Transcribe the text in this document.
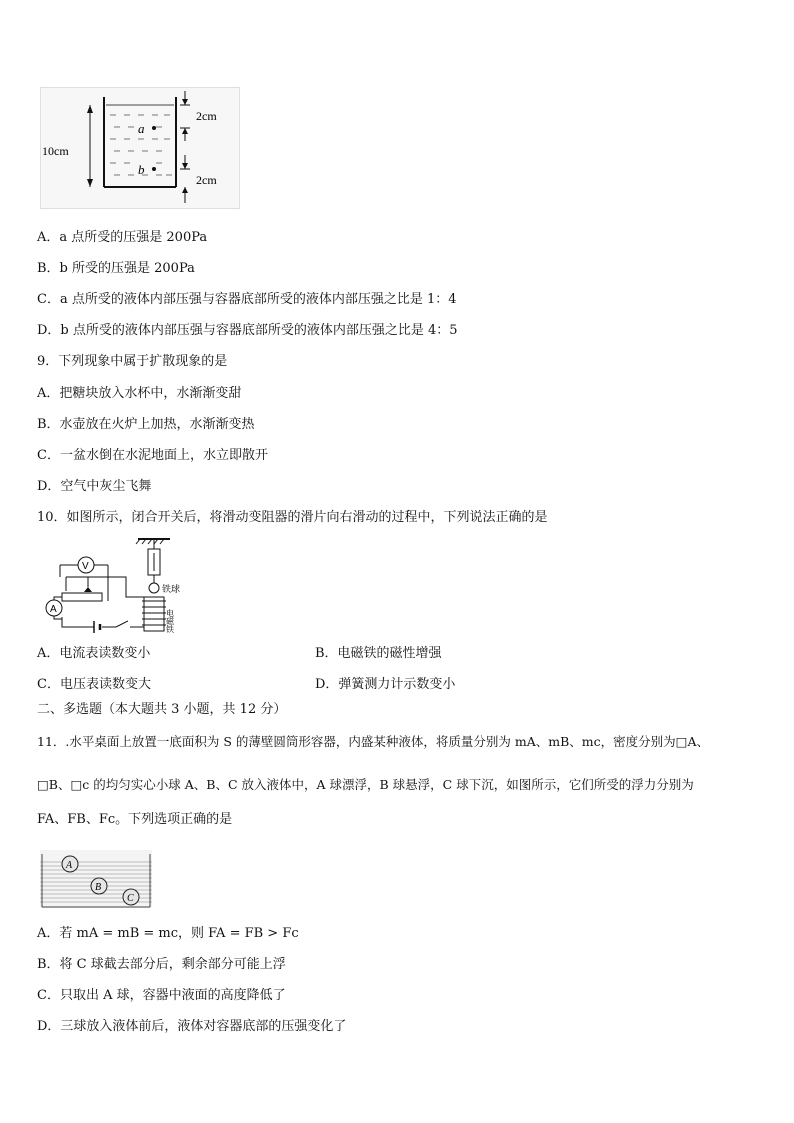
a
b
10cm
2cm
2cm
A．a 点所受的压强是 200Pa
B．b 所受的压强是 200Pa
C．a 点所受的液体内部压强与容器底部所受的液体内部压强之比是 1：4
D．b 点所受的液体内部压强与容器底部所受的液体内部压强之比是 4：5
9．下列现象中属于扩散现象的是
A．把糖块放入水杯中，水渐渐变甜
B．水壶放在火炉上加热，水渐渐变热
C．一盆水倒在水泥地面上，水立即散开
D．空气中灰尘飞舞
10．如图所示，闭合开关后，将滑动变阻器的滑片向右滑动的过程中，下列说法正确的是
铁球
电磁铁
A
V
A．电流表读数变小	B．电磁铁的磁性增强
C．电压表读数变大	D．弹簧测力计示数变小
二、多选题（本大题共 3 小题，共 12 分）
11．.水平桌面上放置一底面积为 S 的薄壁圆筒形容器，内盛某种液体，将质量分别为 mA、mB、mc，密度分别为□A、
□B、□c 的均匀实心小球 A、B、C 放入液体中，A 球漂浮，B 球悬浮，C 球下沉，如图所示，它们所受的浮力分别为
FA、FB、Fc。下列选项正确的是
A
B
C
A．若 mA = mB = mc，则 FA = FB > Fc
B．将 C 球截去部分后，剩余部分可能上浮
C．只取出 A 球，容器中液面的高度降低了
D．三球放入液体前后，液体对容器底部的压强变化了
